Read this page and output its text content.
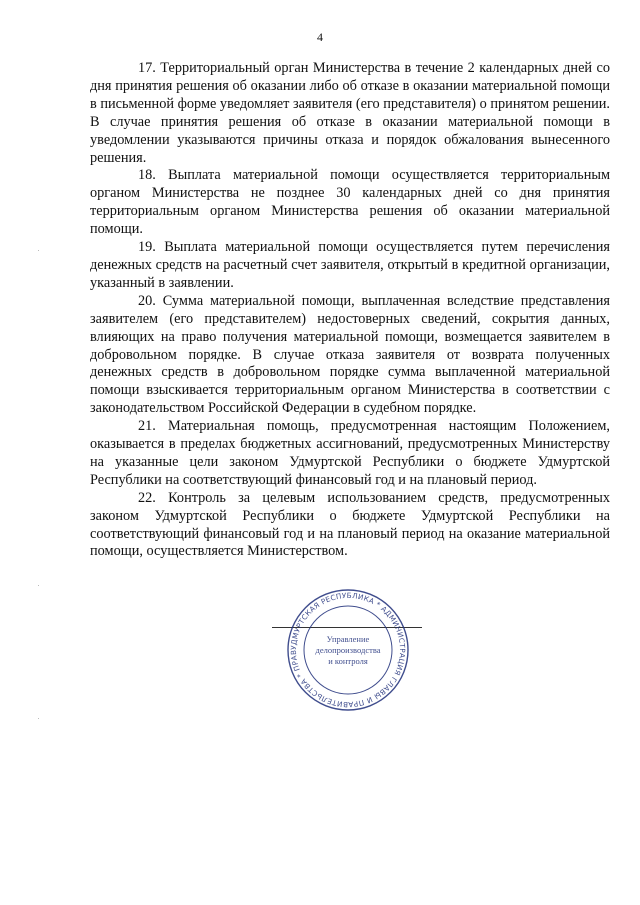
4

17. Территориальный орган Министерства в течение 2 календарных дней со дня принятия решения об оказании либо об отказе в оказании материальной помощи в письменной форме уведомляет заявителя (его представителя) о принятом решении. В случае принятия решения об отказе в оказании материальной помощи в уведомлении указываются причины отказа и порядок обжалования вынесенного решения.

18. Выплата материальной помощи осуществляется территориальным органом Министерства не позднее 30 календарных дней со дня принятия территориальным органом Министерства решения об оказании материальной помощи.

19. Выплата материальной помощи осуществляется путем перечисления денежных средств на расчетный счет заявителя, открытый в кредитной организации, указанный в заявлении.

20. Сумма материальной помощи, выплаченная вследствие представления заявителем (его представителем) недостоверных сведений, сокрытия данных, влияющих на право получения материальной помощи, возмещается заявителем в добровольном порядке. В случае отказа заявителя от возврата полученных денежных средств в добровольном порядке сумма выплаченной материальной помощи взыскивается территориальным органом Министерства в соответствии с законодательством Российской Федерации в судебном порядке.

21. Материальная помощь, предусмотренная настоящим Положением, оказывается в пределах бюджетных ассигнований, предусмотренных Министерству на указанные цели законом Удмуртской Республики о бюджете Удмуртской Республики на соответствующий финансовый год и на плановый период.

22. Контроль за целевым использованием средств, предусмотренных законом Удмуртской Республики о бюджете Удмуртской Республики на соответствующий финансовый год и на плановый период на оказание материальной помощи, осуществляется Министерством.

УДМУРТСКАЯ РЕСПУБЛИКА * АДМИНИСТРАЦИЯ ГЛАВЫ И ПРАВИТЕЛЬСТВА * ПРАВ
Управление
делопроизводства
и контроля
